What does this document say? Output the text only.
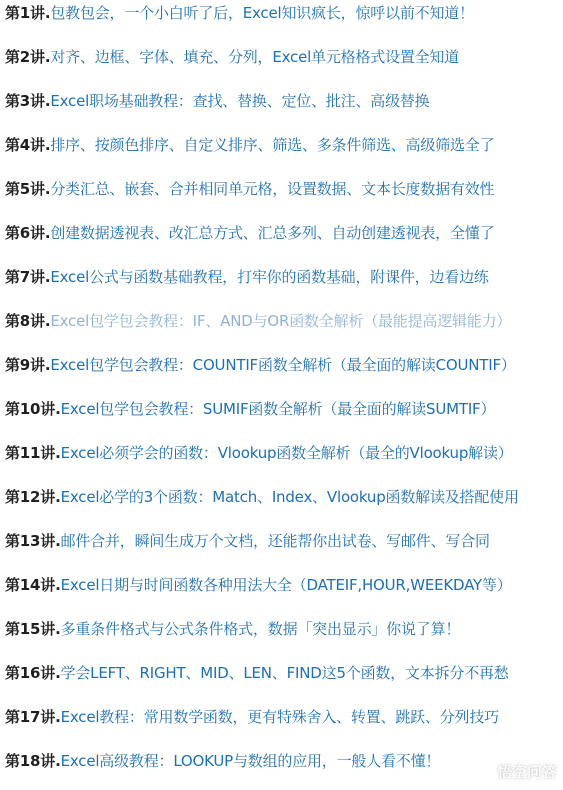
第1讲.包教包会，一个小白听了后，Excel知识疯长，惊呼以前不知道！
第2讲.对齐、边框、字体、填充、分列，Excel单元格格式设置全知道
第3讲.Excel职场基础教程：查找、替换、定位、批注、高级替换
第4讲.排序、按颜色排序、自定义排序、筛选、多条件筛选、高级筛选全了
第5讲.分类汇总、嵌套、合并相同单元格，设置数据、文本长度数据有效性
第6讲.创建数据透视表、改汇总方式、汇总多列、自动创建透视表，全懂了
第7讲.Excel公式与函数基础教程，打牢你的函数基础，附课件，边看边练
第8讲.Excel包学包会教程：IF、AND与OR函数全解析（最能提高逻辑能力）
第9讲.Excel包学包会教程：COUNTIF函数全解析（最全面的解读COUNTIF）
第10讲.Excel包学包会教程：SUMIF函数全解析（最全面的解读SUMTIF）
第11讲.Excel必须学会的函数：Vlookup函数全解析（最全的Vlookup解读）
第12讲.Excel必学的3个函数：Match、Index、Vlookup函数解读及搭配使用
第13讲.邮件合并，瞬间生成万个文档，还能帮你出试卷、写邮件、写合同
第14讲.Excel日期与时间函数各种用法大全（DATEIF,HOUR,WEEKDAY等）
第15讲.多重条件格式与公式条件格式，数据「突出显示」你说了算！
第16讲.学会LEFT、RIGHT、MID、LEN、FIND这5个函数，文本拆分不再愁
第17讲.Excel教程：常用数学函数，更有特殊舍入、转置、跳跃、分列技巧
第18讲.Excel高级教程：LOOKUP与数组的应用，一般人看不懂！
悟空问答
